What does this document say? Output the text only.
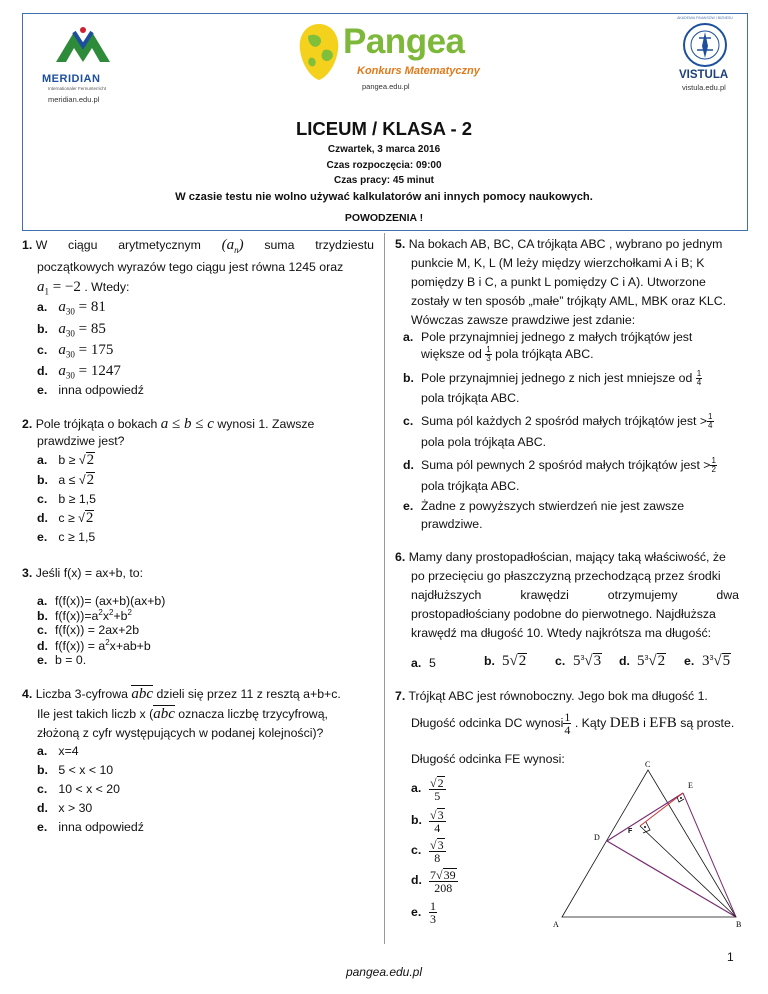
MERIDIAN
Internationaler Fernunterricht
meridian.edu.pl
Pangea
Konkurs Matematyczny
pangea.edu.pl
AKADEMIA FINANSÓW I BIZNESU
VISTULA
vistula.edu.pl
LICEUM / KLASA - 2
Czwartek, 3 marca 2016
Czas rozpoczęcia: 09:00
Czas pracy: 45 minut
W czasie testu nie wolno używać kalkulatorów ani innych pomocy naukowych.
POWODZENIA !
1. W ciągu arytmetycznym $(a_n)$ suma trzydziestu
początkowych wyrazów tego ciągu jest równa 1245 oraz
$a_1 = -2$ . Wtedy:
a. $a_{30} = 81$
b. $a_{30} = 85$
c. $a_{30} = 175$
d. $a_{30} = 1247$
e. inna odpowiedź
2. Pole trójkąta o bokach a ≤ b ≤ c wynosi 1. Zawsze
prawdziwe jest?
a. b ≥ √2
b. a ≤ √2
c. b ≥ 1,5
d. c ≥ √2
e. c ≥ 1,5
3. Jeśli f(x) = ax+b, to:
a. f(f(x))= (ax+b)(ax+b)
b. $f(f(x))=a^2x^2+b^2$
c. f(f(x)) = 2ax+2b
d. $f(f(x)) = a^2x+ab+b$
e. b = 0.
4. Liczba 3-cyfrowa abc dzieli się przez 11 z resztą a+b+c.
Ile jest takich liczb x (abc oznacza liczbę trzycyfrową,
złożoną z cyfr występujących w podanej kolejności)?
a. x=4
b. 5 < x < 10
c. 10 < x < 20
d. x > 30
e. inna odpowiedź
5. Na bokach AB, BC, CA trójkąta ABC , wybrano po jednym
punkcie M, K, L (M leży między wierzchołkami A i B; K
pomiędzy B i C, a punkt L pomiędzy C i A). Utworzone
zostały w ten sposób „małe” trójkąty AML, MBK oraz KLC.
Wówczas zawsze prawdziwe jest zdanie:
a. Pole przynajmniej jednego z małych trójkątów jest
większe od $\frac{1}{3}$ pola trójkąta ABC.
b. Pole przynajmniej jednego z nich jest mniejsze od $\frac{1}{4}$
pola trójkąta ABC.
c. Suma pól każdych 2 spośród małych trójkątów jest > $\frac{1}{4}$
pola pola trójkąta ABC.
d. Suma pól pewnych 2 spośród małych trójkątów jest > $\frac{1}{2}$
pola trójkąta ABC.
e. Żadne z powyższych stwierdzeń nie jest zawsze
prawdziwe.
6. Mamy dany prostopadłościan, mający taką właściwość, że
po przecięciu go płaszczyzną przechodzącą przez środki
najdłuższych	krawędzi	otrzymujemy	dwa
prostopadłościany podobne do pierwotnego. Najdłuższa
krawędź ma długość 10. Wtedy najkrótsza ma długość:
a. 5	b. 5√2 c. $5^3√3$ d. $5^3√2$ e. $3^3√5$
7. Trójkąt ABC jest równoboczny. Jego bok ma długość 1.
Długość odcinka DC wynosi $\frac{1}{4}$ . Kąty DEB i EFB są proste.
Długość odcinka FE wynosi:
a. $\frac{√2}{5}$
b. $\frac{√3}{4}$
c. $\frac{√3}{8}$
d. $\frac{7√39}{208}$
e. $\frac{1}{3}$
C
E
D
F
A	B
1
pangea.edu.pl
